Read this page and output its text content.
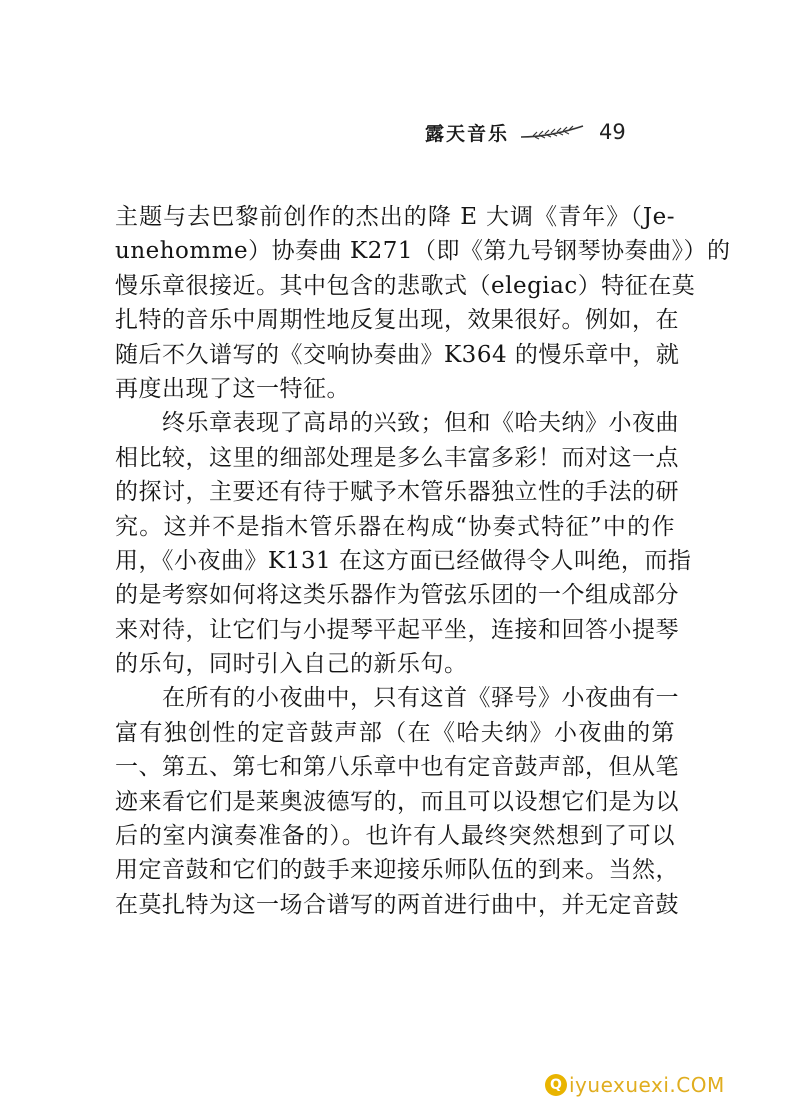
露天音乐	49
主题与去巴黎前创作的杰出的降 E 大调《青年》（Je-
unehomme）协奏曲 K271（即《第九号钢琴协奏曲》）的
慢乐章很接近。其中包含的悲歌式（elegiac）特征在莫
扎特的音乐中周期性地反复出现，效果很好。例如，在
随后不久谱写的《交响协奏曲》K364 的慢乐章中，就
再度出现了这一特征。
　　终乐章表现了高昂的兴致；但和《哈夫纳》小夜曲
相比较，这里的细部处理是多么丰富多彩！而对这一点
的探讨，主要还有待于赋予木管乐器独立性的手法的研
究。这并不是指木管乐器在构成“协奏式特征”中的作
用，《小夜曲》K131 在这方面已经做得令人叫绝，而指
的是考察如何将这类乐器作为管弦乐团的一个组成部分
来对待，让它们与小提琴平起平坐，连接和回答小提琴
的乐句，同时引入自己的新乐句。
　　在所有的小夜曲中，只有这首《驿号》小夜曲有一
富有独创性的定音鼓声部（在《哈夫纳》小夜曲的第
一、第五、第七和第八乐章中也有定音鼓声部，但从笔
迹来看它们是莱奥波德写的，而且可以设想它们是为以
后的室内演奏准备的）。也许有人最终突然想到了可以
用定音鼓和它们的鼓手来迎接乐师队伍的到来。当然，
在莫扎特为这一场合谱写的两首进行曲中，并无定音鼓
Q iyuexuexi.COM
